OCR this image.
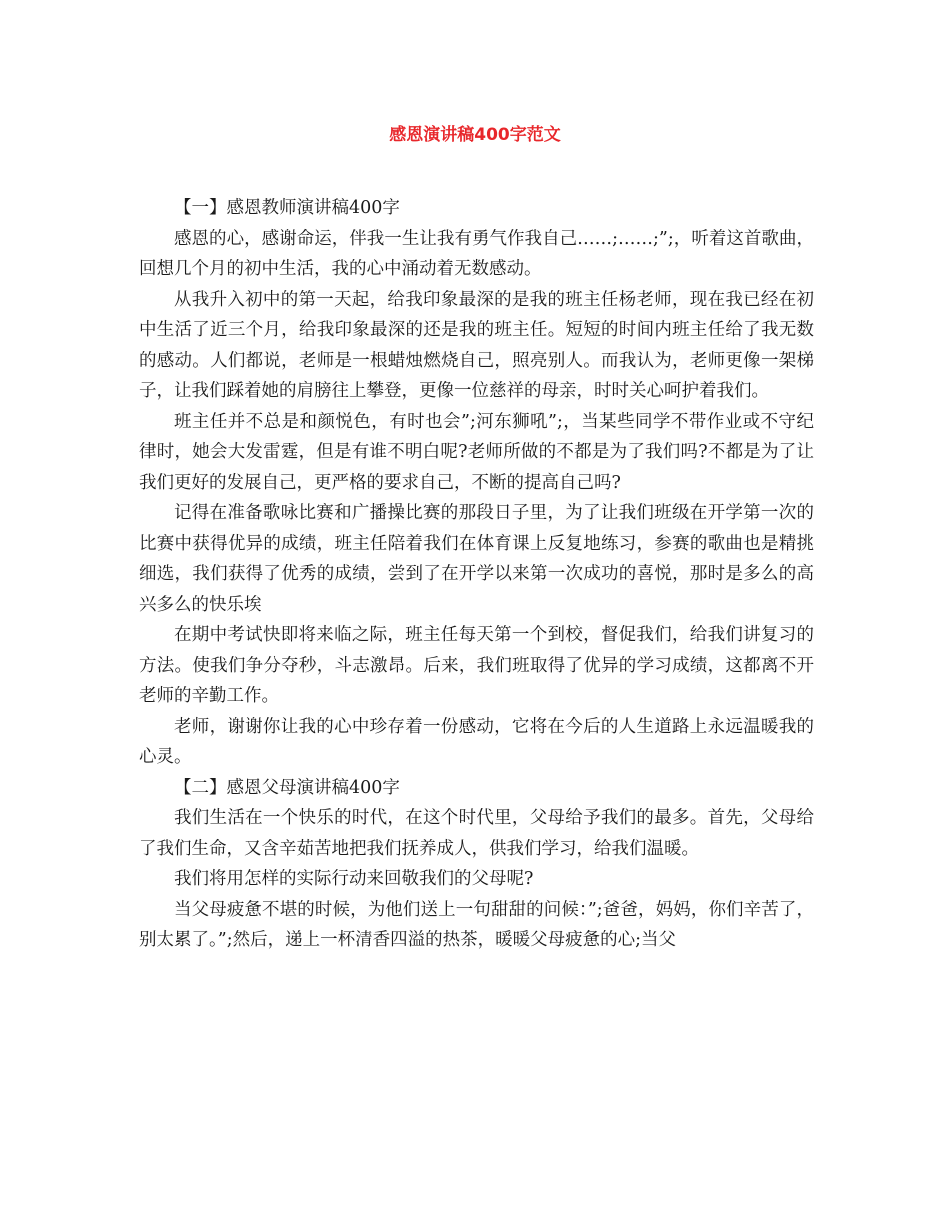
感恩演讲稿400字范文

【一】感恩教师演讲稿400字

感恩的心，感谢命运，伴我一生让我有勇气作我自己……;……;”;，听着这首歌曲，回想几个月的初中生活，我的心中涌动着无数感动。

从我升入初中的第一天起，给我印象最深的是我的班主任杨老师，现在我已经在初中生活了近三个月，给我印象最深的还是我的班主任。短短的时间内班主任给了我无数的感动。人们都说，老师是一根蜡烛燃烧自己，照亮别人。而我认为，老师更像一架梯子，让我们踩着她的肩膀往上攀登，更像一位慈祥的母亲，时时关心呵护着我们。

班主任并不总是和颜悦色，有时也会”;河东狮吼”;，当某些同学不带作业或不守纪律时，她会大发雷霆，但是有谁不明白呢?老师所做的不都是为了我们吗?不都是为了让我们更好的发展自己，更严格的要求自己，不断的提高自己吗?

记得在准备歌咏比赛和广播操比赛的那段日子里，为了让我们班级在开学第一次的比赛中获得优异的成绩，班主任陪着我们在体育课上反复地练习，参赛的歌曲也是精挑细选，我们获得了优秀的成绩，尝到了在开学以来第一次成功的喜悦，那时是多么的高兴多么的快乐埃

在期中考试快即将来临之际，班主任每天第一个到校，督促我们，给我们讲复习的方法。使我们争分夺秒，斗志激昂。后来，我们班取得了优异的学习成绩，这都离不开老师的辛勤工作。

老师，谢谢你让我的心中珍存着一份感动，它将在今后的人生道路上永远温暖我的心灵。

【二】感恩父母演讲稿400字

我们生活在一个快乐的时代，在这个时代里，父母给予我们的最多。首先，父母给了我们生命，又含辛茹苦地把我们抚养成人，供我们学习，给我们温暖。

我们将用怎样的实际行动来回敬我们的父母呢?

当父母疲惫不堪的时候，为他们送上一句甜甜的问候：”;爸爸，妈妈，你们辛苦了，别太累了。”;然后，递上一杯清香四溢的热茶，暖暖父母疲惫的心;当父
